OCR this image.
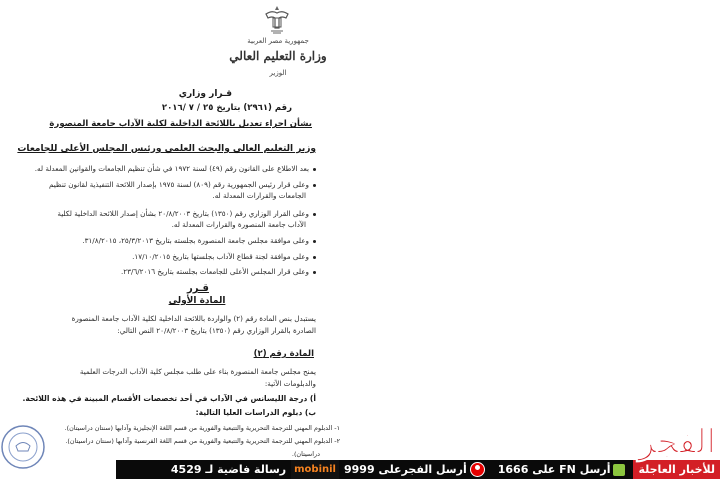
جمهورية مصر العربية
وزارة التعليم العالي
الوزير
قـرار وزاري
رقم (٢٩٦١) بتاريخ ٢٥ / ٧ /٢٠١٦
بشأن اجراء تعديل باللائحة الداخلية لكلية الآداب جامعة المنصورة
وزير التعليم العالي والبحث العلمي ورئيس المجلس الأعلى للجامعات
بعد الاطلاع على القانون رقم (٤٩) لسنة ١٩٧٢ في شأن تنظيم الجامعات والقوانين المعدلة له.
وعلى قرار رئيس الجمهورية رقم (٨٠٩) لسنة ١٩٧٥ بإصدار اللائحة التنفيذية لقانون تنظيم
الجامعات والقرارات المعدلة له.
وعلى القرار الوزاري رقم (١٣٥٠) بتاريخ ٢٠/٨/٢٠٠٣ بشأن إصدار اللائحة الداخلية لكلية
الآداب جامعة المنصورة والقرارات المعدلة له.
وعلى موافقة مجلس جامعة المنصورة بجلسته بتاريخ ٢٥/٣/٢٠١٣، ٣١/٨/٢٠١٥.
وعلى موافقة لجنة قطاع الآداب بجلستها بتاريخ ١٧/١٠/٢٠١٥.
وعلى قرار المجلس الأعلى للجامعات بجلسته بتاريخ ٢٣/٦/٢٠١٦.
قـرر
المادة الأولى
يستبدل بنص المادة رقم (٢) والواردة باللائحة الداخلية لكلية الآداب جامعة المنصورة
الصادرة بالقرار الوزاري رقم (١٣٥٠) بتاريخ ٢٠/٨/٢٠٠٣ النص التالي:
المادة رقم (٢)
يمنح مجلس جامعة المنصورة بناء على طلب مجلس كلية الآداب الدرجات العلمية
والدبلومات الآتية:
أ) درجة الليسانس في الآداب في أحد تخصصات الأقسام المبينة في هذه اللائحة.
ب) دبلوم الدراسات العليا التالية:
١- الدبلوم المهني للترجمة التحريرية والتتبعية والفورية من قسم اللغة الإنجليزية وآدابها (سنتان دراسيتان).
٢- الدبلوم المهني للترجمة التحريرية والتتبعية والفورية من قسم اللغة الفرنسية وآدابها (سنتان دراسيتان).
دراسيتان).
للأخبار العاجلة
أرسل FN على 1666
أرسل الفجرعلى 9999
mobinil
رسالة فاضية لـ 4529
الفجر
